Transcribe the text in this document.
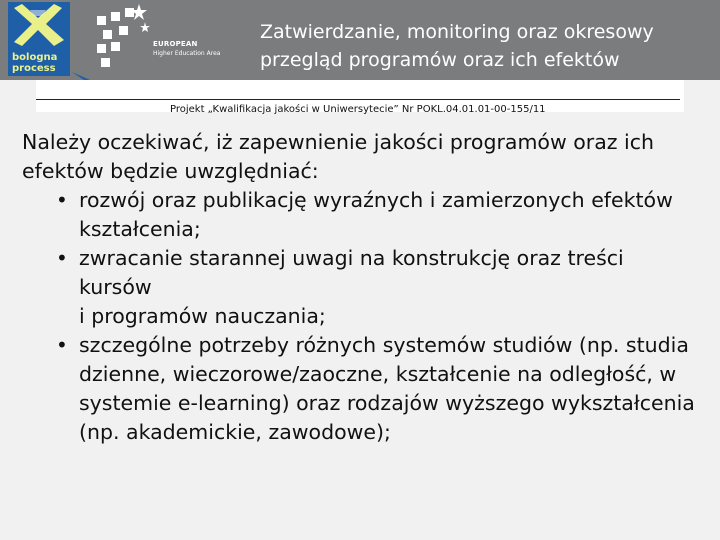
bologna
process
EUROPEAN
Higher Education Area
Zatwierdzanie, monitoring oraz okresowy
przegląd programów oraz ich efektów
Projekt „Kwalifikacja jakości w Uniwersytecie” Nr POKL.04.01.01-00-155/11

Należy oczekiwać, iż zapewnienie jakości programów oraz ich
efektów będzie uwzględniać:

• rozwój oraz publikację wyraźnych i zamierzonych efektów
kształcenia;
• zwracanie starannej uwagi na konstrukcję oraz treści
kursów
i programów nauczania;
• szczególne potrzeby różnych systemów studiów (np. studia
dzienne, wieczorowe/zaoczne, kształcenie na odległość, w
systemie e-learning) oraz rodzajów wyższego wykształcenia
(np. akademickie, zawodowe);
